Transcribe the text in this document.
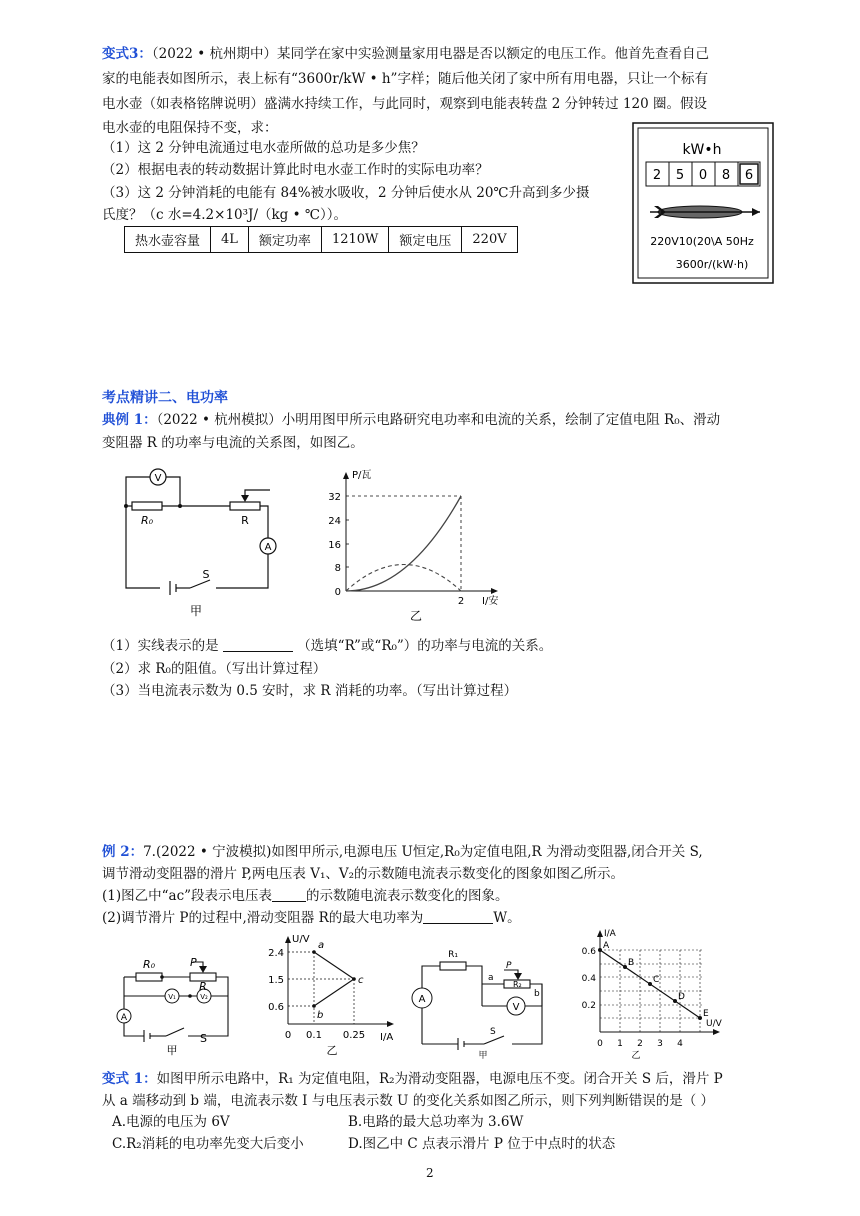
变式3：（2022 • 杭州期中）某同学在家中实验测量家用电器是否以额定的电压工作。他首先查看自己
家的电能表如图所示，表上标有“3600r/kW • h”字样；随后他关闭了家中所有用电器，只让一个标有
电水壶（如表格铭牌说明）盛满水持续工作，与此同时，观察到电能表转盘 2 分钟转过 120 圈。假设
电水壶的电阻保持不变，求：
（1）这 2 分钟电流通过电水壶所做的总功是多少焦？
（2）根据电表的转动数据计算此时电水壶工作时的实际电功率？
（3）这 2 分钟消耗的电能有 84%被水吸收，2 分钟后使水从 20℃升高到多少摄
氏度？（c 水=4.2×10³J/（kg • ℃））。
热水壶容量	4L	额定功率	1210W	额定电压	220V
kW•h
2 5 0 8 6
220V10(20\A 50Hz
3600r/(kW·h)
考点精讲二、电功率
典例 1：（2022 • 杭州模拟）小明用图甲所示电路研究电功率和电流的关系，绘制了定值电阻 R₀、滑动
变阻器 R 的功率与电流的关系图，如图乙。
V
A
R₀	R
S
甲
P/瓦
I/安
32
24
16
8
0
2
乙
（1）实线表示的是	（选填“R”或“R₀”）的功率与电流的关系。
（2）求 R₀的阻值。（写出计算过程）
（3）当电流表示数为 0.5 安时，求 R 消耗的功率。（写出计算过程）
例 2：7.(2022 • 宁波模拟)如图甲所示,电源电压 U恒定,R₀为定值电阻,R 为滑动变阻器,闭合开关 S,
调节滑动变阻器的滑片 P,两电压表 V₁、V₂的示数随电流表示数变化的图象如图乙所示。
(1)图乙中“ac”段表示电压表	的示数随电流表示数变化的图象。
(2)调节滑片 P的过程中,滑动变阻器 R的最大电功率为	W。
R₀	P
R
A
V₁	V₂
S
甲
U/V
I/A
2.4
1.5
0.6
0 0.1 0.25
a
b
c
乙
R₁
P
R₂
a
b
A
V
S
甲
I/A
U/V
0.6
0.4
0.2
0 1 2 3 4
A
B
C
D
E
乙
变式 1：如图甲所示电路中，R₁ 为定值电阻，R₂为滑动变阻器，电源电压不变。闭合开关 S 后，滑片 P
从 a 端移动到 b 端，电流表示数 I 与电压表示数 U 的变化关系如图乙所示，则下列判断错误的是（ ）
A.电源的电压为 6V	B.电路的最大总功率为 3.6W
C.R₂消耗的电功率先变大后变小	D.图乙中 C 点表示滑片 P 位于中点时的状态
2
